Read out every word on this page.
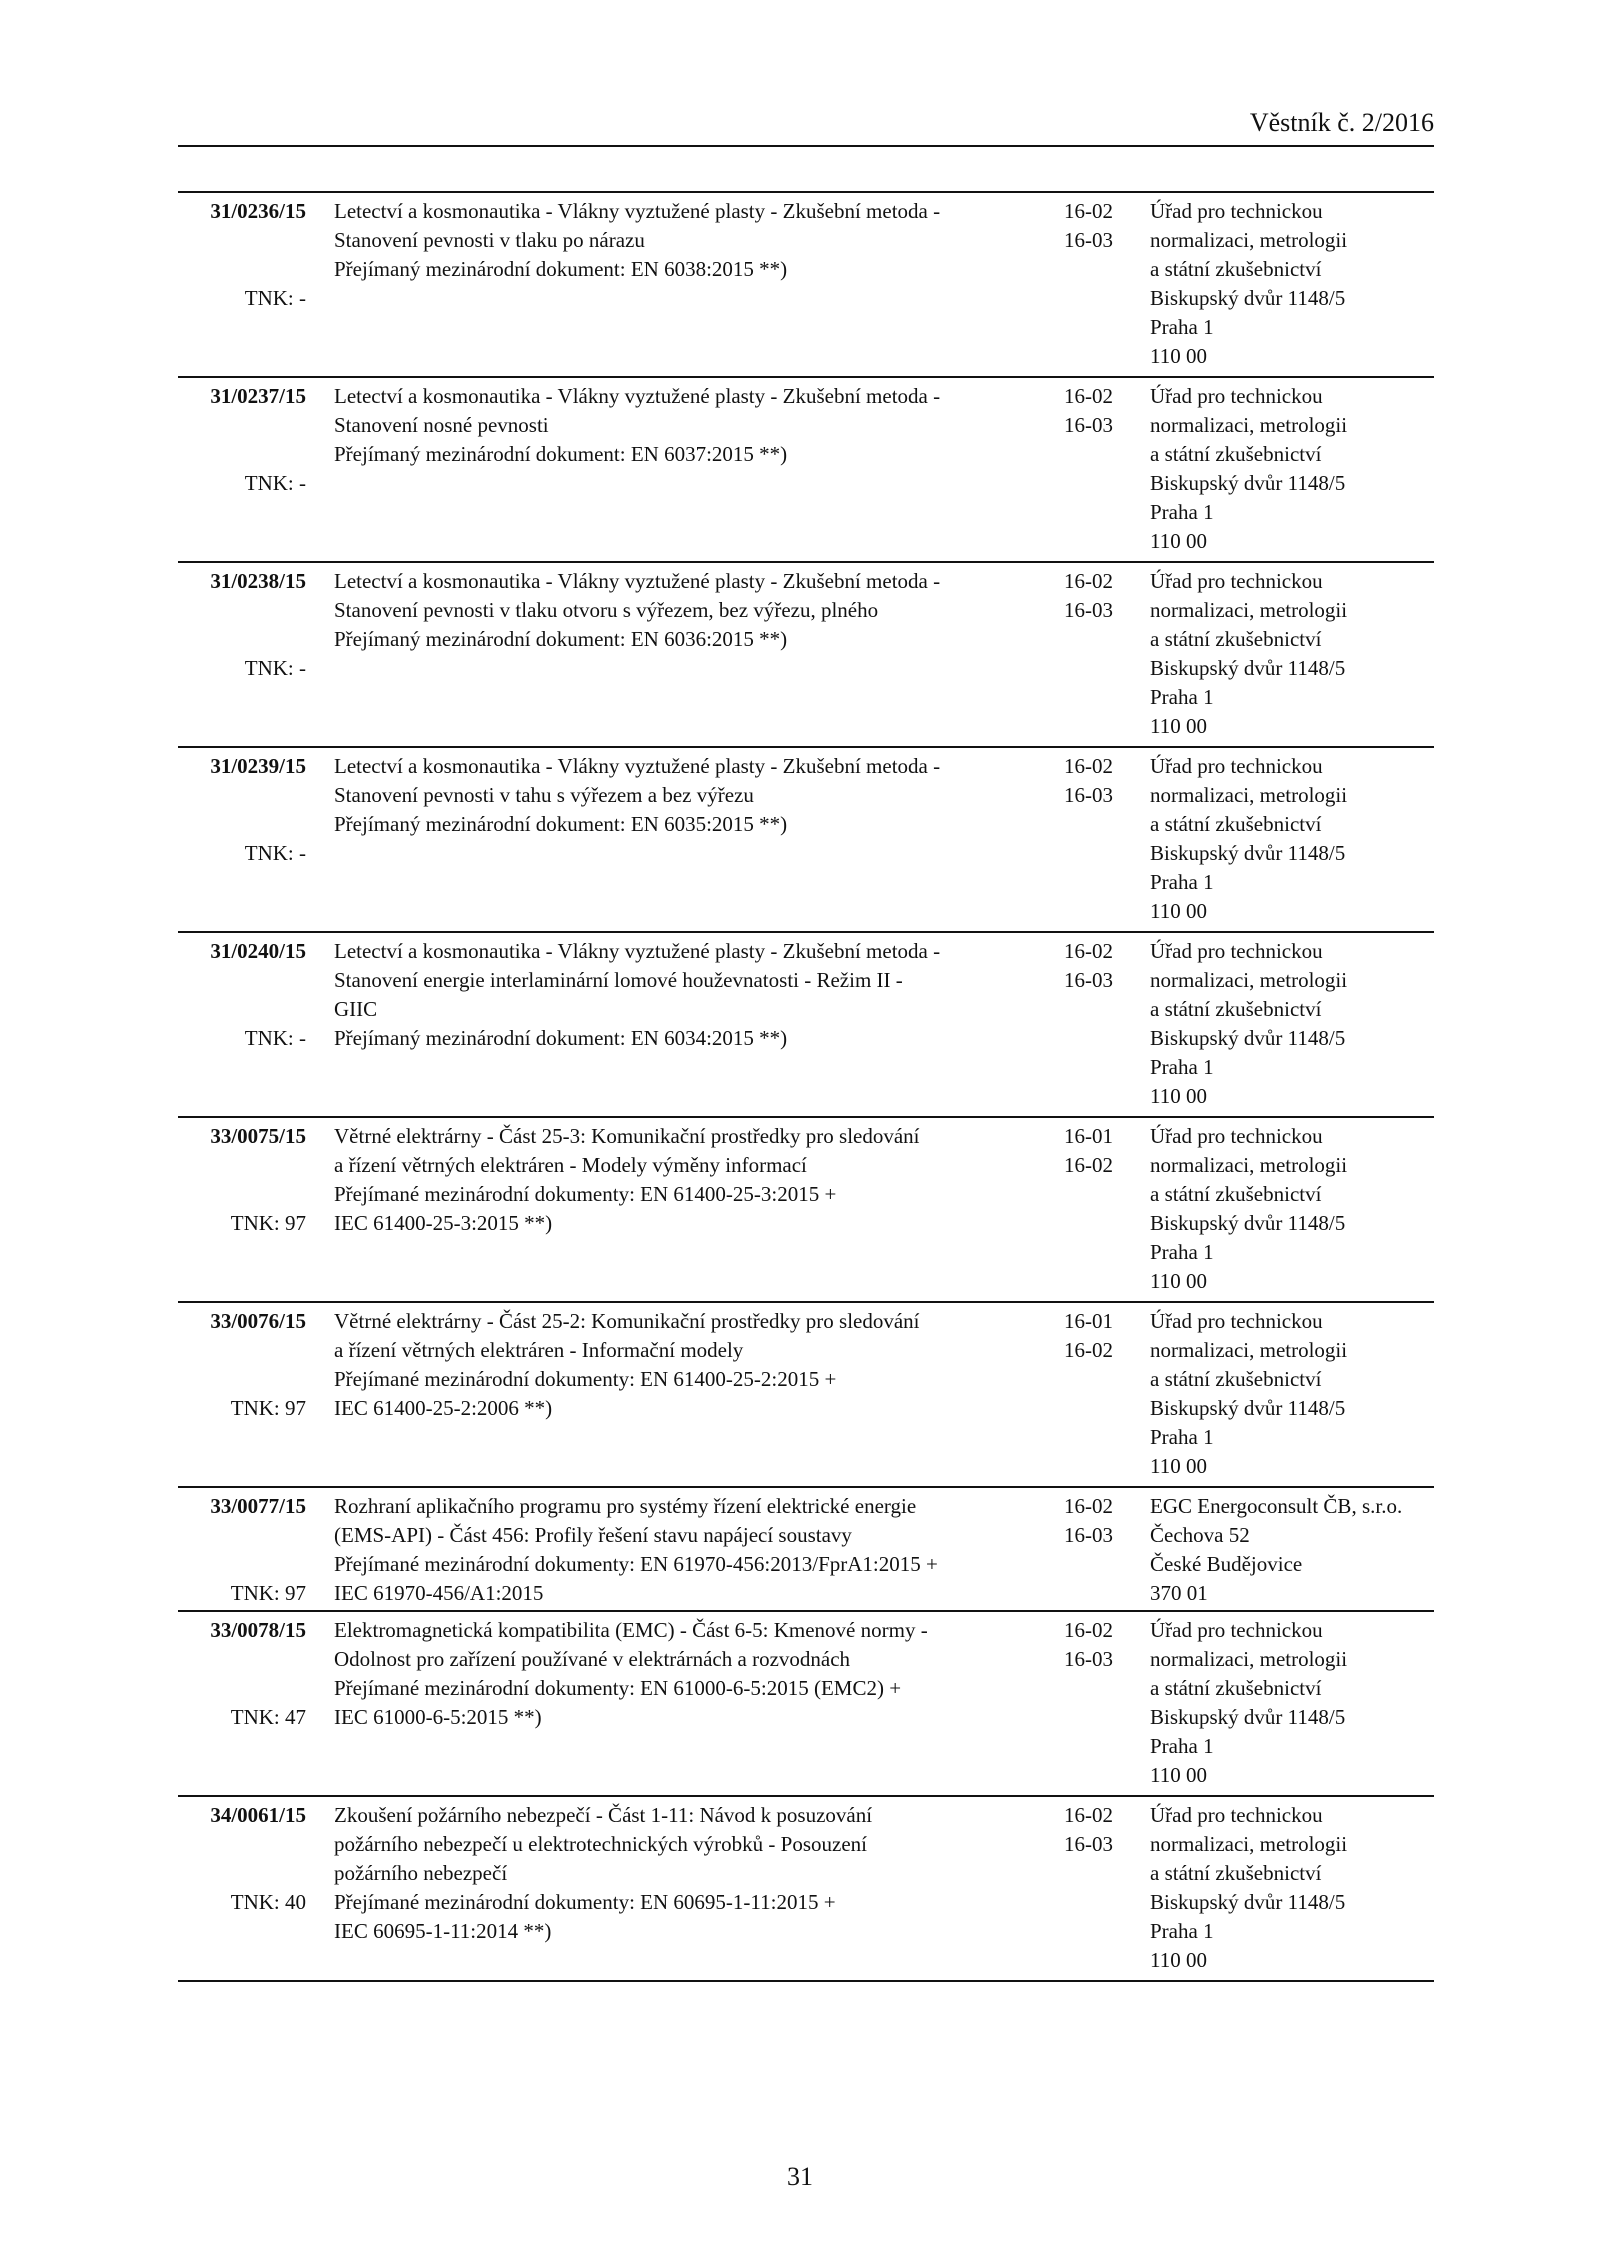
Věstník č. 2/2016
31/0236/15
TNK: -
Letectví a kosmonautika - Vlákny vyztužené plasty - Zkušební metoda -
Stanovení pevnosti v tlaku po nárazu
Přejímaný mezinárodní dokument: EN 6038:2015 **)
16-02
16-03
Úřad pro technickou
normalizaci, metrologii
a státní zkušebnictví
Biskupský dvůr 1148/5
Praha 1
110 00
31/0237/15
TNK: -
Letectví a kosmonautika - Vlákny vyztužené plasty - Zkušební metoda -
Stanovení nosné pevnosti
Přejímaný mezinárodní dokument: EN 6037:2015 **)
16-02
16-03
Úřad pro technickou
normalizaci, metrologii
a státní zkušebnictví
Biskupský dvůr 1148/5
Praha 1
110 00
31/0238/15
TNK: -
Letectví a kosmonautika - Vlákny vyztužené plasty - Zkušební metoda -
Stanovení pevnosti v tlaku otvoru s výřezem, bez výřezu, plného
Přejímaný mezinárodní dokument: EN 6036:2015 **)
16-02
16-03
Úřad pro technickou
normalizaci, metrologii
a státní zkušebnictví
Biskupský dvůr 1148/5
Praha 1
110 00
31/0239/15
TNK: -
Letectví a kosmonautika - Vlákny vyztužené plasty - Zkušební metoda -
Stanovení pevnosti v tahu s výřezem a bez výřezu
Přejímaný mezinárodní dokument: EN 6035:2015 **)
16-02
16-03
Úřad pro technickou
normalizaci, metrologii
a státní zkušebnictví
Biskupský dvůr 1148/5
Praha 1
110 00
31/0240/15
TNK: -
Letectví a kosmonautika - Vlákny vyztužené plasty - Zkušební metoda -
Stanovení energie interlaminární lomové houževnatosti - Režim II -
GIIC
Přejímaný mezinárodní dokument: EN 6034:2015 **)
16-02
16-03
Úřad pro technickou
normalizaci, metrologii
a státní zkušebnictví
Biskupský dvůr 1148/5
Praha 1
110 00
33/0075/15
TNK: 97
Větrné elektrárny - Část 25-3: Komunikační prostředky pro sledování
a řízení větrných elektráren - Modely výměny informací
Přejímané mezinárodní dokumenty: EN 61400-25-3:2015 +
IEC 61400-25-3:2015 **)
16-01
16-02
Úřad pro technickou
normalizaci, metrologii
a státní zkušebnictví
Biskupský dvůr 1148/5
Praha 1
110 00
33/0076/15
TNK: 97
Větrné elektrárny - Část 25-2: Komunikační prostředky pro sledování
a řízení větrných elektráren - Informační modely
Přejímané mezinárodní dokumenty: EN 61400-25-2:2015 +
IEC 61400-25-2:2006 **)
16-01
16-02
Úřad pro technickou
normalizaci, metrologii
a státní zkušebnictví
Biskupský dvůr 1148/5
Praha 1
110 00
33/0077/15
TNK: 97
Rozhraní aplikačního programu pro systémy řízení elektrické energie
(EMS-API) - Část 456: Profily řešení stavu napájecí soustavy
Přejímané mezinárodní dokumenty: EN 61970-456:2013/FprA1:2015 +
IEC 61970-456/A1:2015
16-02
16-03
EGC Energoconsult ČB, s.r.o.
Čechova 52
České Budějovice
370 01
33/0078/15
TNK: 47
Elektromagnetická kompatibilita (EMC) - Část 6-5: Kmenové normy -
Odolnost pro zařízení používané v elektrárnách a rozvodnách
Přejímané mezinárodní dokumenty: EN 61000-6-5:2015 (EMC2) +
IEC 61000-6-5:2015 **)
16-02
16-03
Úřad pro technickou
normalizaci, metrologii
a státní zkušebnictví
Biskupský dvůr 1148/5
Praha 1
110 00
34/0061/15
TNK: 40
Zkoušení požárního nebezpečí - Část 1-11: Návod k posuzování
požárního nebezpečí u elektrotechnických výrobků - Posouzení
požárního nebezpečí
Přejímané mezinárodní dokumenty: EN 60695-1-11:2015 +
IEC 60695-1-11:2014 **)
16-02
16-03
Úřad pro technickou
normalizaci, metrologii
a státní zkušebnictví
Biskupský dvůr 1148/5
Praha 1
110 00
31
